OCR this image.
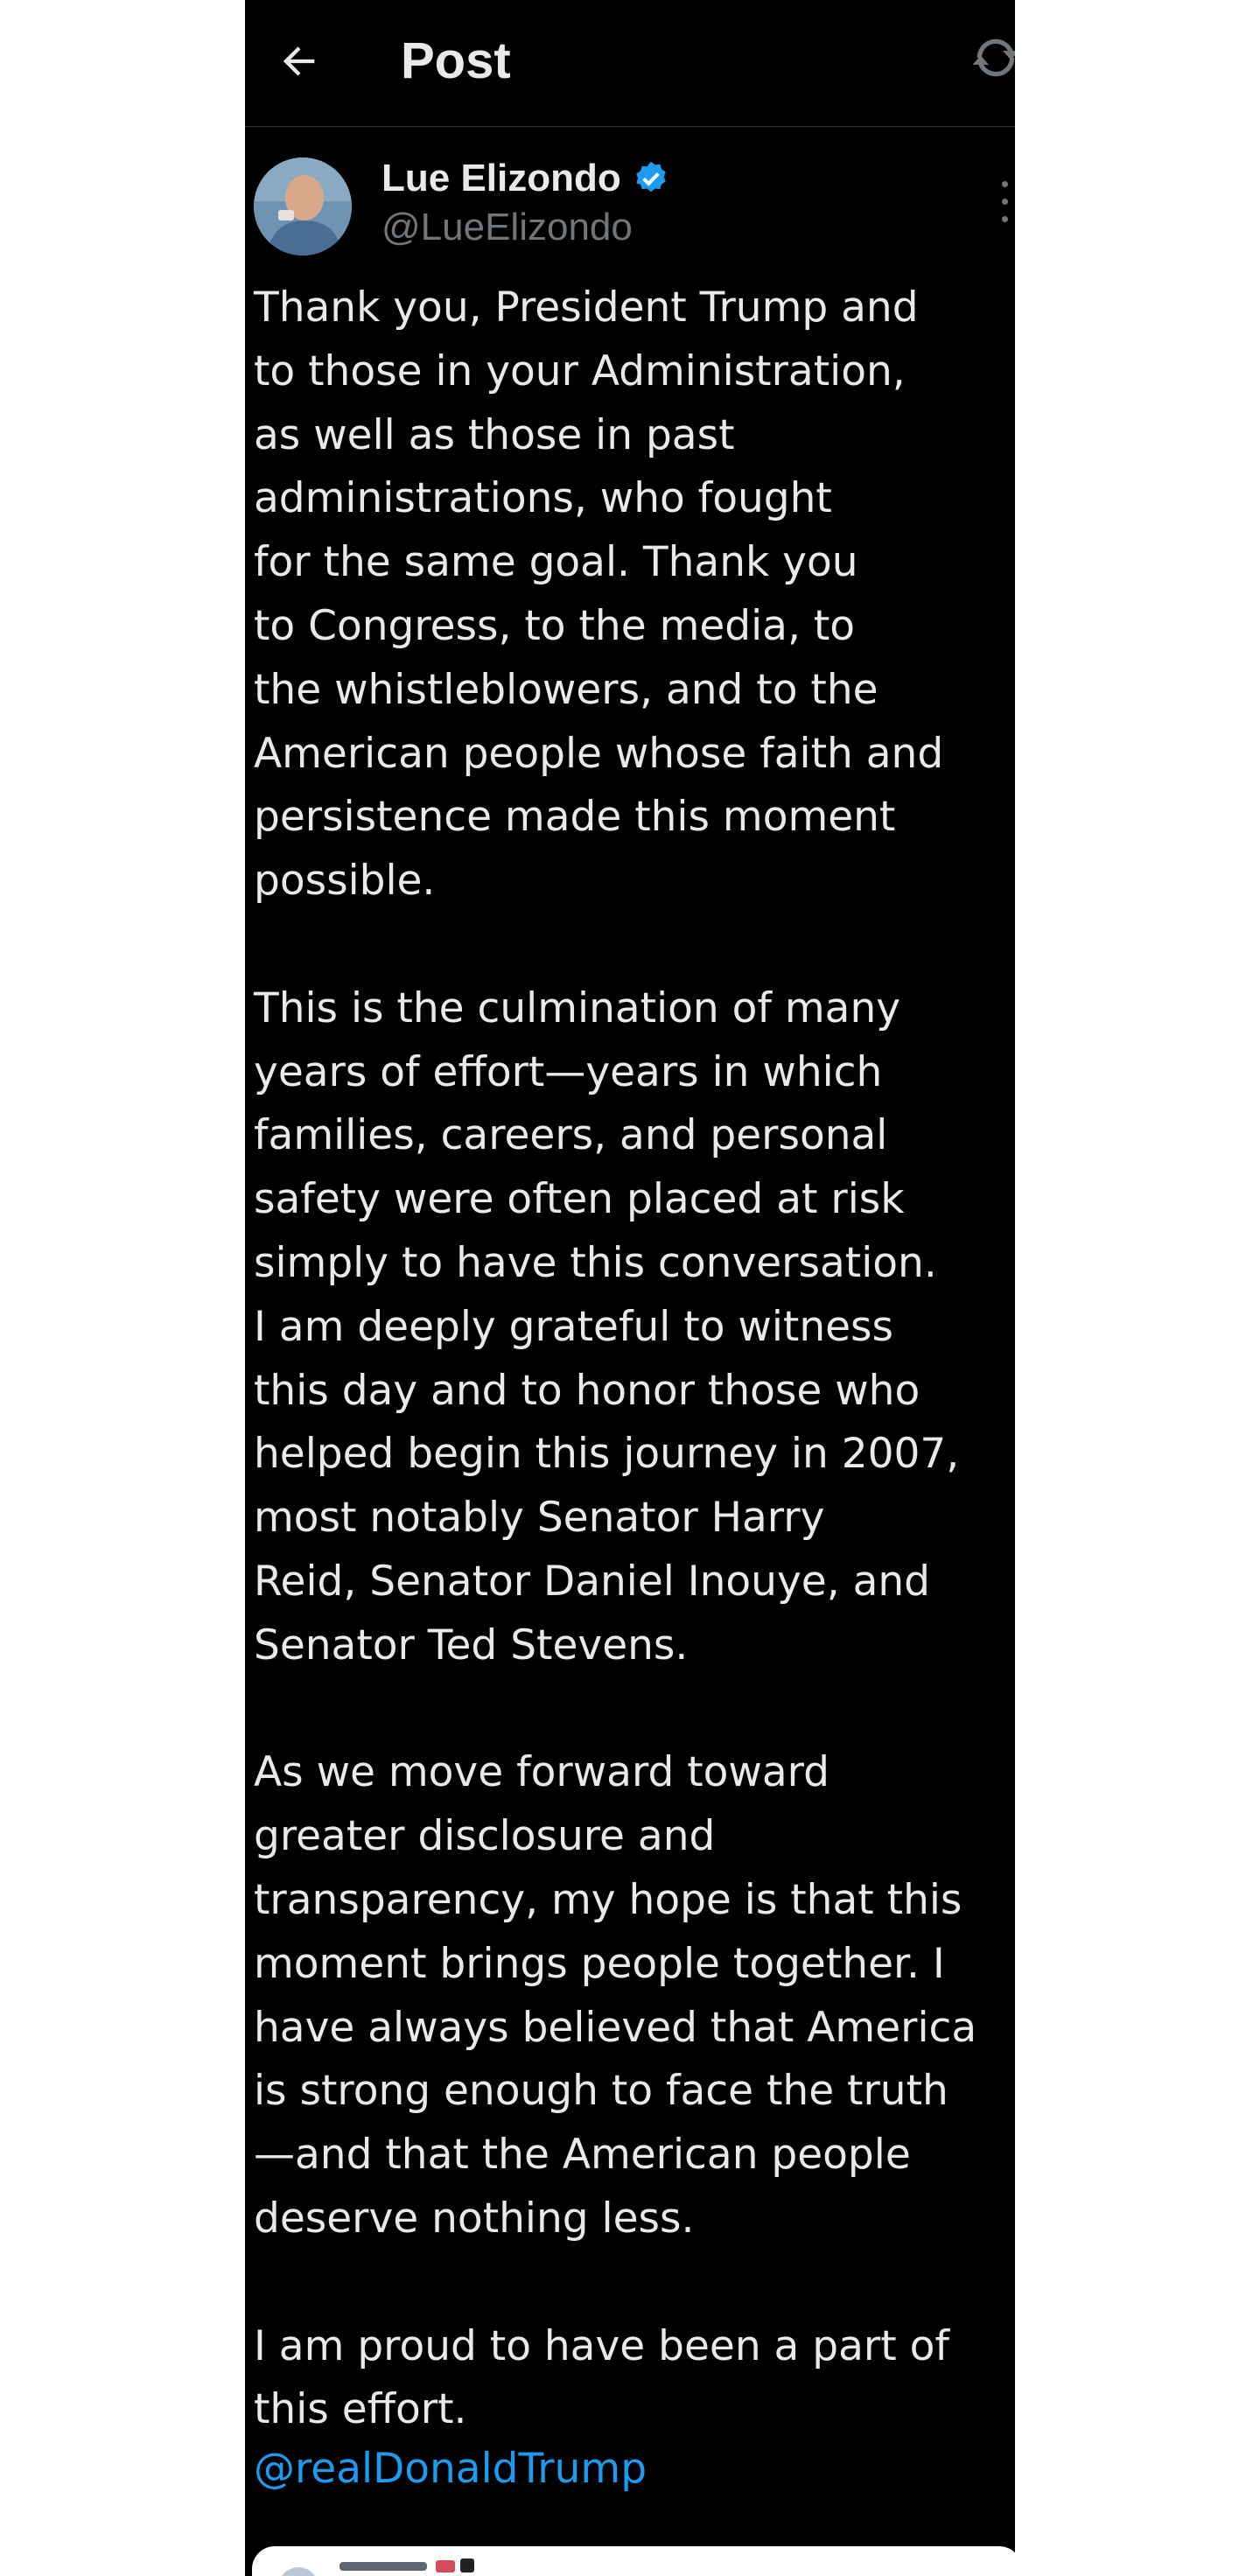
Post
Lue Elizondo
@LueElizondo
Thank you, President Trump and
to those in your Administration,
as well as those in past
administrations, who fought
for the same goal. Thank you
to Congress, to the media, to
the whistleblowers, and to the
American people whose faith and
persistence made this moment
possible.

This is the culmination of many
years of effort—years in which
families, careers, and personal
safety were often placed at risk
simply to have this conversation.
I am deeply grateful to witness
this day and to honor those who
helped begin this journey in 2007,
most notably Senator Harry
Reid, Senator Daniel Inouye, and
Senator Ted Stevens.

As we move forward toward
greater disclosure and
transparency, my hope is that this
moment brings people together. I
have always believed that America
is strong enough to face the truth
—and that the American people
deserve nothing less.

I am proud to have been a part of
this effort.
@realDonaldTrump
